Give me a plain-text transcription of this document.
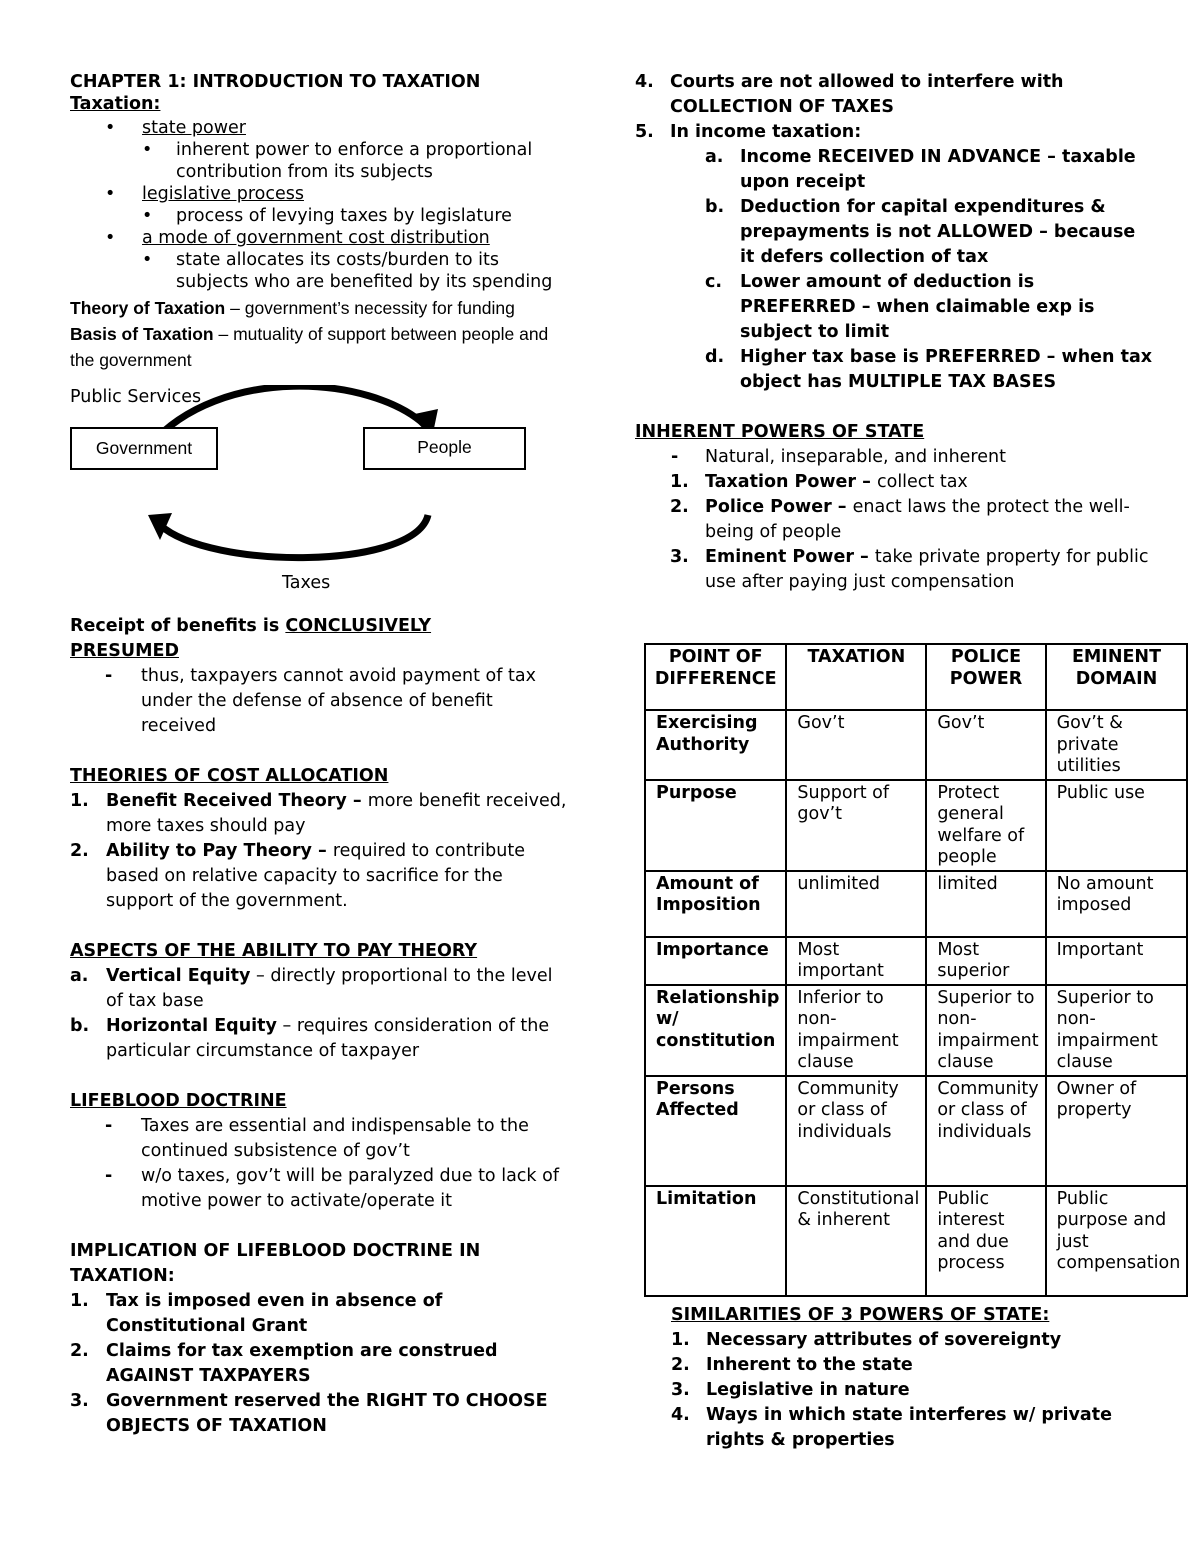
CHAPTER 1: INTRODUCTION TO TAXATION
Taxation:
• state power
• inherent power to enforce a proportional contribution from its subjects
• legislative process
• process of levying taxes by legislature
• a mode of government cost distribution
• state allocates its costs/burden to its subjects who are benefited by its spending
Theory of Taxation – government’s necessity for funding
Basis of Taxation – mutuality of support between people and the government
Public Services
Government	People
Taxes
Receipt of benefits is CONCLUSIVELY PRESUMED
- thus, taxpayers cannot avoid payment of tax under the defense of absence of benefit received
THEORIES OF COST ALLOCATION
1. Benefit Received Theory – more benefit received, more taxes should pay
2. Ability to Pay Theory – required to contribute based on relative capacity to sacrifice for the support of the government.
ASPECTS OF THE ABILITY TO PAY THEORY
a.	Vertical Equity – directly proportional to the level of tax base
b. Horizontal Equity – requires consideration of the particular circumstance of taxpayer
LIFEBLOOD DOCTRINE
- Taxes are essential and indispensable to the continued subsistence of gov’t
- w/o taxes, gov’t will be paralyzed due to lack of motive power to activate/operate it
IMPLICATION OF LIFEBLOOD DOCTRINE IN TAXATION:
1. Tax is imposed even in absence of Constitutional Grant
2. Claims for tax exemption are construed AGAINST TAXPAYERS
3. Government reserved the RIGHT TO CHOOSE OBJECTS OF TAXATION
4. Courts are not allowed to interfere with COLLECTION OF TAXES
5. In income taxation:
a. Income RECEIVED IN ADVANCE – taxable upon receipt
b. Deduction for capital expenditures & prepayments is not ALLOWED – because it defers collection of tax
c. Lower amount of deduction is PREFERRED – when claimable exp is subject to limit
d. Higher tax base is PREFERRED – when tax object has MULTIPLE TAX BASES
INHERENT POWERS OF STATE
- Natural, inseparable, and inherent
1. Taxation Power – collect tax
2. Police Power – enact laws the protect the well-being of people
3. Eminent Power – take private property for public use after paying just compensation
SIMILARITIES OF 3 POWERS OF STATE:
1. Necessary attributes of sovereignty
2. Inherent to the state
3. Legislative in nature
4. Ways in which state interferes w/ private rights & properties
POINT OF DIFFERENCE	TAXATION	POLICE POWER	EMINENT DOMAIN
Exercising Authority	Gov’t	Gov’t	Gov’t & private utilities
Purpose	Support of gov’t	Protect general welfare of people	Public use
Amount of Imposition	unlimited	limited	No amount imposed
Importance	Most important	Most superior	Important
Relationship w/ constitution	Inferior to non-impairment clause	Superior to non-impairment clause	Superior to non-impairment clause
Persons Affected	Community or class of individuals	Community or class of individuals	Owner of property
Limitation	Constitutional & inherent	Public interest and due process	Public purpose and just compensation
